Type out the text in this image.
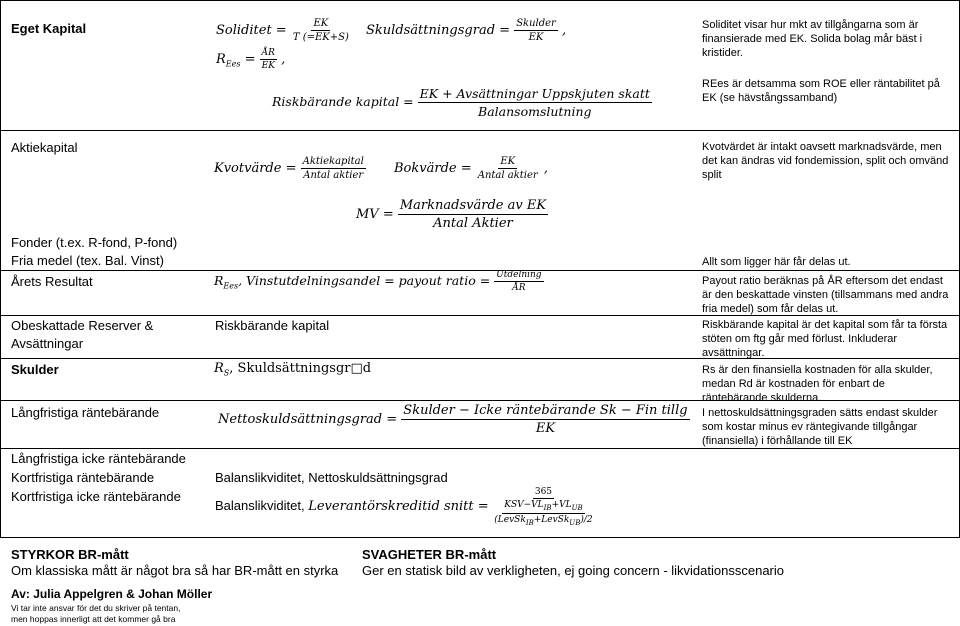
Eget Kapital
Aktiekapital
Fonder (t.ex. R-fond, P-fond)
Fria medel (tex. Bal. Vinst)
Årets Resultat
Obeskattade Reserver & Avsättningar
Skulder
Långfristiga räntebärande
Långfristiga icke räntebärande
Kortfristiga räntebärande
Kortfristiga icke räntebärande
Soliditet = $\frac{EK}{T (=EK+S)}$ Skuldsättningsgrad = Skulder
EK ,
$R_{Ees} = \frac{ÅR}{EK}$ ,
Riskbärande kapital =
EK + Avsättningar Uppskjuten skatt
Balansomslutning
Kvotvärde = Aktiekapital
Antal aktier Bokvärde =	EK
Antal aktier ,
MV =
Marknadsvärde av EK
Antal Aktier
$R_{Ees}$, Vinstutdelningsandel = payout ratio = Utdelning
ÅR
Riskbärande kapital
$R_S$, Skuldsättningsgr□d
Nettoskuldsättningsgrad =
Skulder − Icke räntebärande Sk − Fin tillg
EK
Balanslikviditet, Nettoskuldsättningsgrad
Balanslikviditet, Leverantörskreditid snitt =
365
$KSV-VL_{IB}+VL_{UB}$
(LevSk$_{IB}$+LevSk$_{UB}$)/2
Soliditet visar hur mkt av tillgångarna som är finansierade med EK. Solida bolag mår bäst i kristider.
REes är detsamma som ROE eller räntabilitet på EK (se hävstångssamband)
Kvotvärdet är intakt oavsett marknadsvärde, men det kan ändras vid fondemission, split och omvänd split
Allt som ligger här får delas ut.
Payout ratio beräknas på ÅR eftersom det endast är den beskattade vinsten (tillsammans med andra fria medel) som får delas ut.
Riskbärande kapital är det kapital som får ta första stöten om ftg går med förlust. Inkluderar avsättningar.
Rs är den finansiella kostnaden för alla skulder, medan Rd är kostnaden för enbart de räntebärande skulderna.
I nettoskuldsättningsgraden sätts endast skulder som kostar minus ev räntegivande tillgångar (finansiella) i förhållande till EK
STYRKOR BR-mått
Om klassiska mått är något bra så har BR-mått en styrka
SVAGHETER BR-mått
Ger en statisk bild av verkligheten, ej going concern - likvidationsscenario
Av: Julia Appelgren & Johan Möller
Vi tar inte ansvar för det du skriver på tentan,
men hoppas innerligt att det kommer gå bra
